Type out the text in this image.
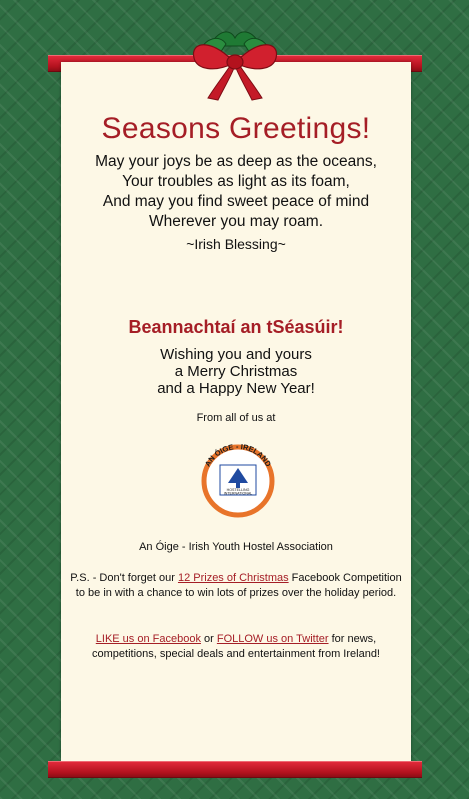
Seasons Greetings!
May your joys be as deep as the oceans,
Your troubles as light as its foam,
And may you find sweet peace of mind
Wherever you may roam.
~Irish Blessing~
Beannachtaí an tSéasúir!
Wishing you and yours
a Merry Christmas
and a Happy New Year!
From all of us at
AN ÓIGE - IRELAND
HOSTELLING
INTERNATIONAL
An Óige - Irish Youth Hostel Association
P.S. - Don't forget our 12 Prizes of Christmas Facebook Competition to be in with a chance to win lots of prizes over the holiday period.
LIKE us on Facebook or FOLLOW us on Twitter for news, competitions, special deals and entertainment from Ireland!
